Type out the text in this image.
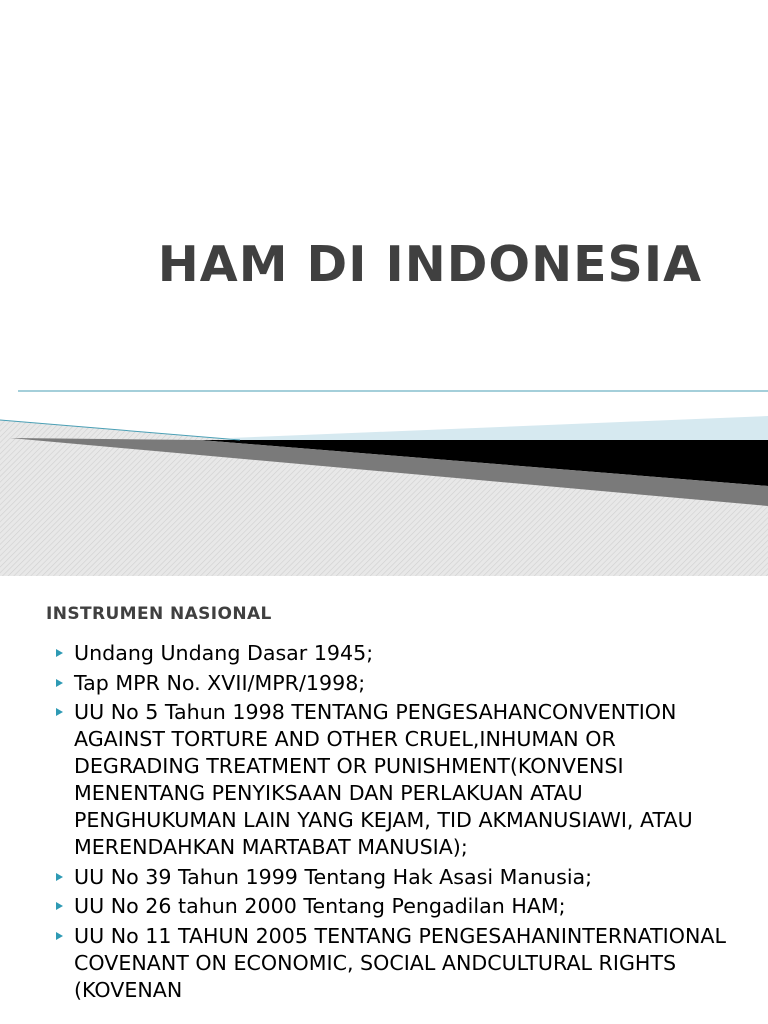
HAM DI INDONESIA
INSTRUMEN NASIONAL
Undang Undang Dasar 1945;
Tap MPR No. XVII/MPR/1998;
UU No 5 Tahun 1998 TENTANG PENGESAHANCONVENTION AGAINST TORTURE AND OTHER CRUEL,INHUMAN OR DEGRADING TREATMENT OR PUNISHMENT(KONVENSI MENENTANG PENYIKSAAN DAN PERLAKUAN ATAU PENGHUKUMAN LAIN YANG KEJAM, TID AKMANUSIAWI, ATAU MERENDAHKAN MARTABAT MANUSIA);
UU No 39 Tahun 1999 Tentang Hak Asasi Manusia;
UU No 26 tahun 2000 Tentang Pengadilan HAM;
UU No 11 TAHUN 2005 TENTANG PENGESAHANINTERNATIONAL COVENANT ON ECONOMIC, SOCIAL ANDCULTURAL RIGHTS (KOVENAN
